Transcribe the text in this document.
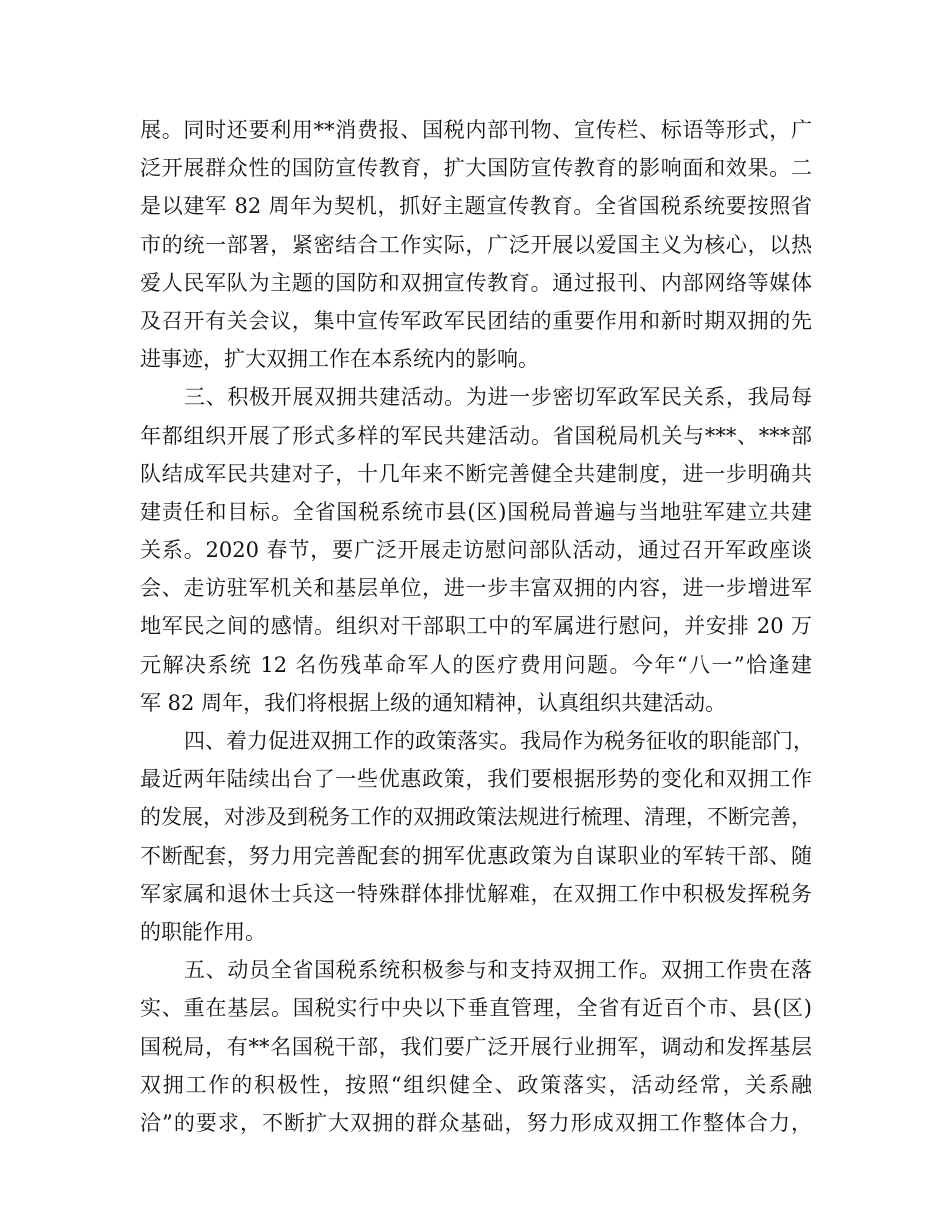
展。同时还要利用**消费报、国税内部刊物、宣传栏、标语等形式，广
泛开展群众性的国防宣传教育，扩大国防宣传教育的影响面和效果。二
是以建军 82 周年为契机，抓好主题宣传教育。全省国税系统要按照省
市的统一部署，紧密结合工作实际，广泛开展以爱国主义为核心，以热
爱人民军队为主题的国防和双拥宣传教育。通过报刊、内部网络等媒体
及召开有关会议，集中宣传军政军民团结的重要作用和新时期双拥的先
进事迹，扩大双拥工作在本系统内的影响。
三、积极开展双拥共建活动。为进一步密切军政军民关系，我局每
年都组织开展了形式多样的军民共建活动。省国税局机关与***、***部
队结成军民共建对子，十几年来不断完善健全共建制度，进一步明确共
建责任和目标。全省国税系统市县(区)国税局普遍与当地驻军建立共建
关系。2020 春节，要广泛开展走访慰问部队活动，通过召开军政座谈
会、走访驻军机关和基层单位，进一步丰富双拥的内容，进一步增进军
地军民之间的感情。组织对干部职工中的军属进行慰问，并安排 20 万
元解决系统 12 名伤残革命军人的医疗费用问题。今年“八一”恰逢建
军 82 周年，我们将根据上级的通知精神，认真组织共建活动。
四、着力促进双拥工作的政策落实。我局作为税务征收的职能部门，
最近两年陆续出台了一些优惠政策，我们要根据形势的变化和双拥工作
的发展，对涉及到税务工作的双拥政策法规进行梳理、清理，不断完善，
不断配套，努力用完善配套的拥军优惠政策为自谋职业的军转干部、随
军家属和退休士兵这一特殊群体排忧解难，在双拥工作中积极发挥税务
的职能作用。
五、动员全省国税系统积极参与和支持双拥工作。双拥工作贵在落
实、重在基层。国税实行中央以下垂直管理，全省有近百个市、县(区)
国税局，有**名国税干部，我们要广泛开展行业拥军，调动和发挥基层
双拥工作的积极性，按照“组织健全、政策落实，活动经常，关系融
洽”的要求，不断扩大双拥的群众基础，努力形成双拥工作整体合力，
